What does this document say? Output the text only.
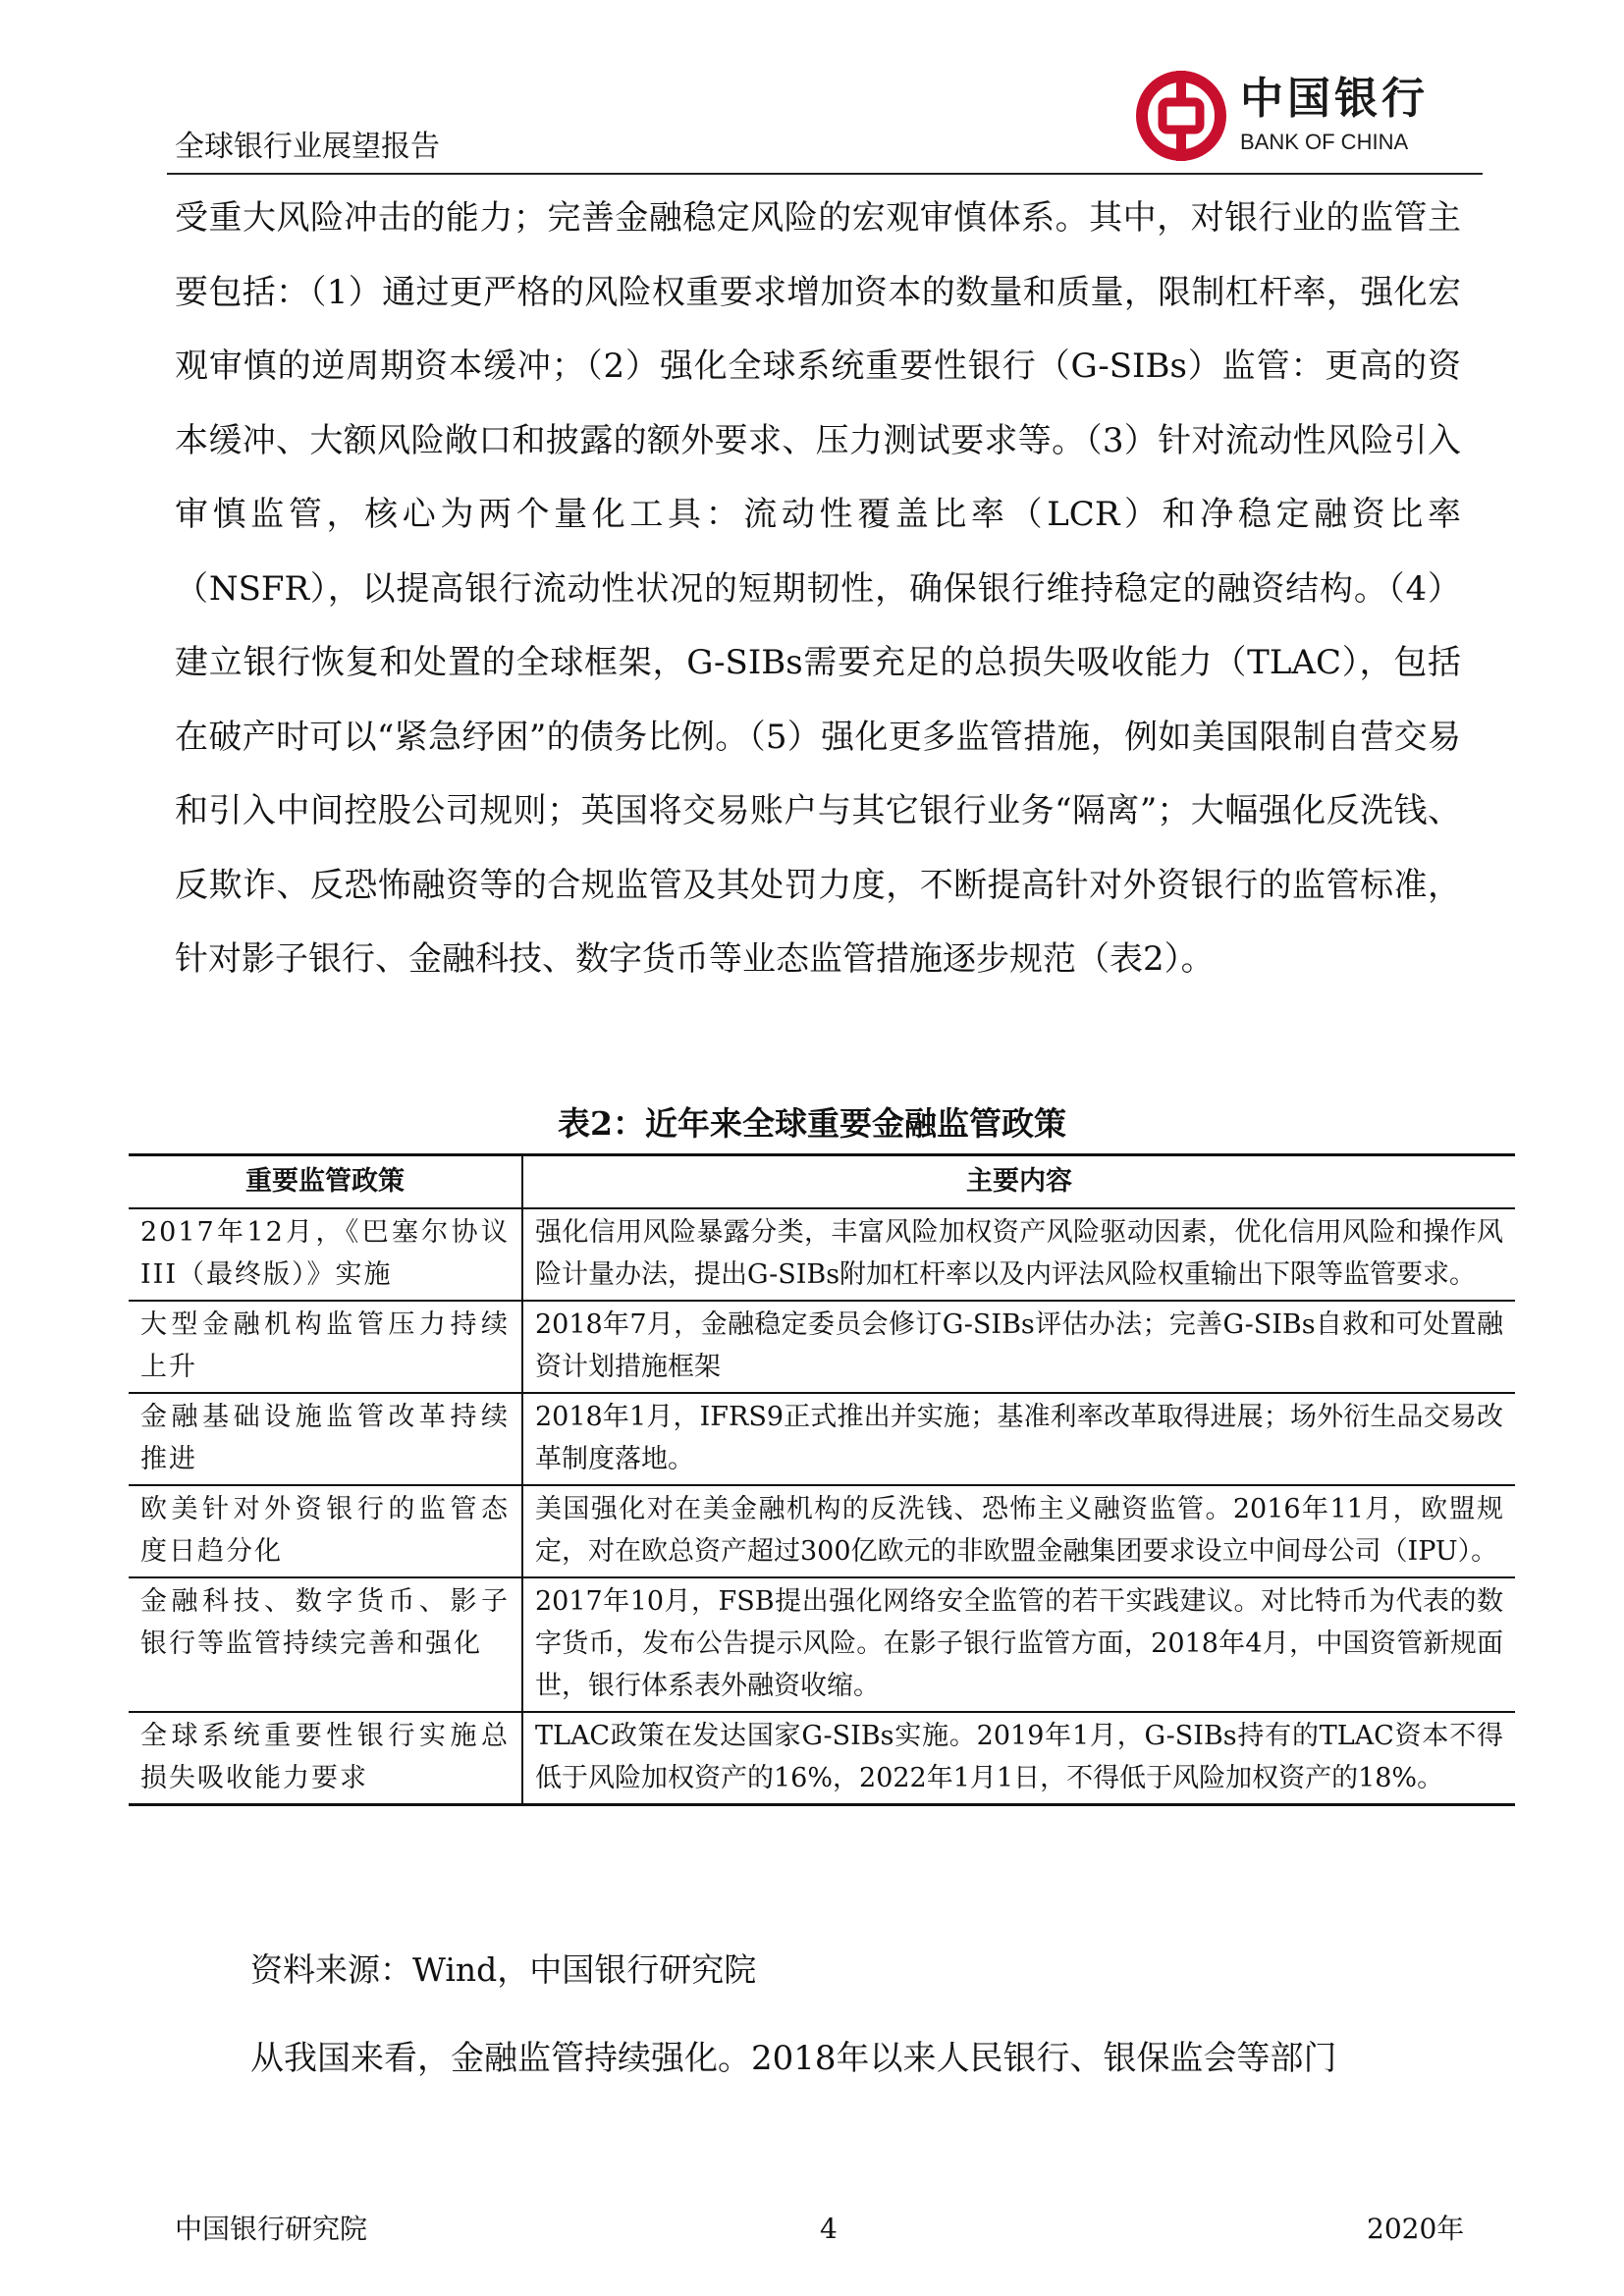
全球银行业展望报告
中国银行
BANK OF CHINA

受重大风险冲击的能力；完善金融稳定风险的宏观审慎体系。其中，对银行业的监管主要包括：（1）通过更严格的风险权重要求增加资本的数量和质量，限制杠杆率，强化宏观审慎的逆周期资本缓冲；（2）强化全球系统重要性银行（G-SIBs）监管：更高的资本缓冲、大额风险敞口和披露的额外要求、压力测试要求等。（3）针对流动性风险引入审慎监管，核心为两个量化工具：流动性覆盖比率（LCR）和净稳定融资比率（NSFR），以提高银行流动性状况的短期韧性，确保银行维持稳定的融资结构。（4）建立银行恢复和处置的全球框架，G-SIBs需要充足的总损失吸收能力（TLAC），包括在破产时可以“紧急纾困”的债务比例。（5）强化更多监管措施，例如美国限制自营交易和引入中间控股公司规则；英国将交易账户与其它银行业务“隔离”；大幅强化反洗钱、反欺诈、反恐怖融资等的合规监管及其处罚力度，不断提高针对外资银行的监管标准，针对影子银行、金融科技、数字货币等业态监管措施逐步规范（表2）。

表2：近年来全球重要金融监管政策
重要监管政策	主要内容
2017年12月，《巴塞尔协议III（最终版）》实施	强化信用风险暴露分类，丰富风险加权资产风险驱动因素，优化信用风险和操作风险计量办法，提出G-SIBs附加杠杆率以及内评法风险权重输出下限等监管要求。
大型金融机构监管压力持续上升	2018年7月，金融稳定委员会修订G-SIBs评估办法；完善G-SIBs自救和可处置融资计划措施框架
金融基础设施监管改革持续推进	2018年1月，IFRS9正式推出并实施；基准利率改革取得进展；场外衍生品交易改革制度落地。
欧美针对外资银行的监管态度日趋分化	美国强化对在美金融机构的反洗钱、恐怖主义融资监管。2016年11月，欧盟规定，对在欧总资产超过300亿欧元的非欧盟金融集团要求设立中间母公司（IPU）。
金融科技、数字货币、影子银行等监管持续完善和强化	2017年10月，FSB提出强化网络安全监管的若干实践建议。对比特币为代表的数字货币，发布公告提示风险。在影子银行监管方面，2018年4月，中国资管新规面世，银行体系表外融资收缩。
全球系统重要性银行实施总损失吸收能力要求	TLAC政策在发达国家G-SIBs实施。2019年1月，G-SIBs持有的TLAC资本不得低于风险加权资产的16%，2022年1月1日，不得低于风险加权资产的18%。
资料来源：Wind，中国银行研究院
从我国来看，金融监管持续强化。2018年以来人民银行、银保监会等部门
中国银行研究院	4	2020年
